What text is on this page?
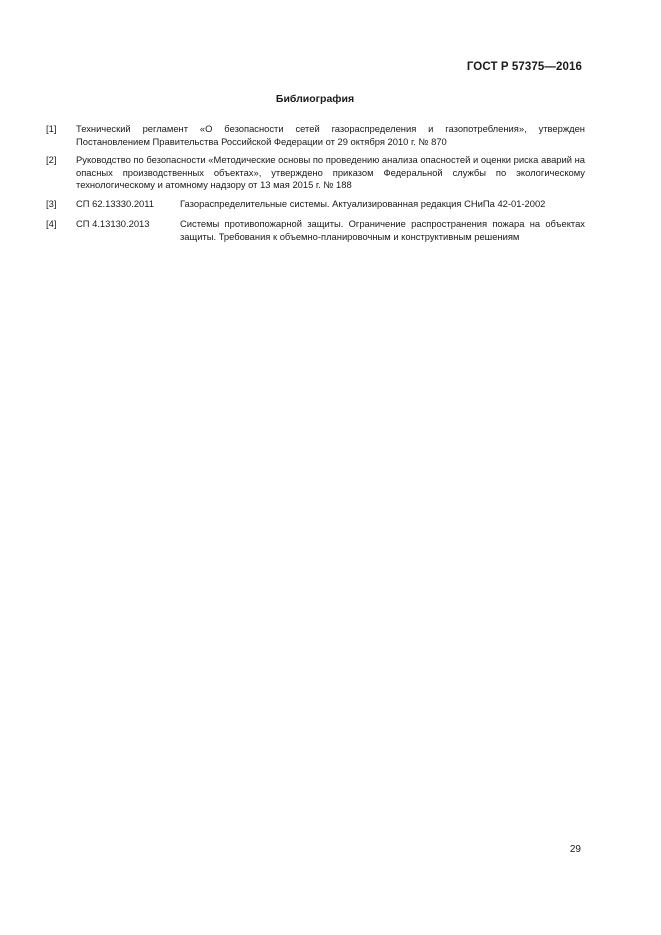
ГОСТ Р 57375—2016
Библиография
[1] Технический регламент «О безопасности сетей газораспределения и газопотребления», утвержден Постановлением Правительства Российской Федерации от 29 октября 2010 г. № 870
[2] Руководство по безопасности «Методические основы по проведению анализа опасностей и оценки риска аварий на опасных производственных объектах», утверждено приказом Федеральной службы по экологическому технологическому и атомному надзору от 13 мая 2015 г. № 188
[3] СП 62.13330.2011	Газораспределительные системы. Актуализированная редакция СНиПа 42-01-2002
[4] СП 4.13130.2013	Системы противопожарной защиты. Ограничение распространения пожара на объектах защиты. Требования к объемно-планировочным и конструктивным решениям
29
